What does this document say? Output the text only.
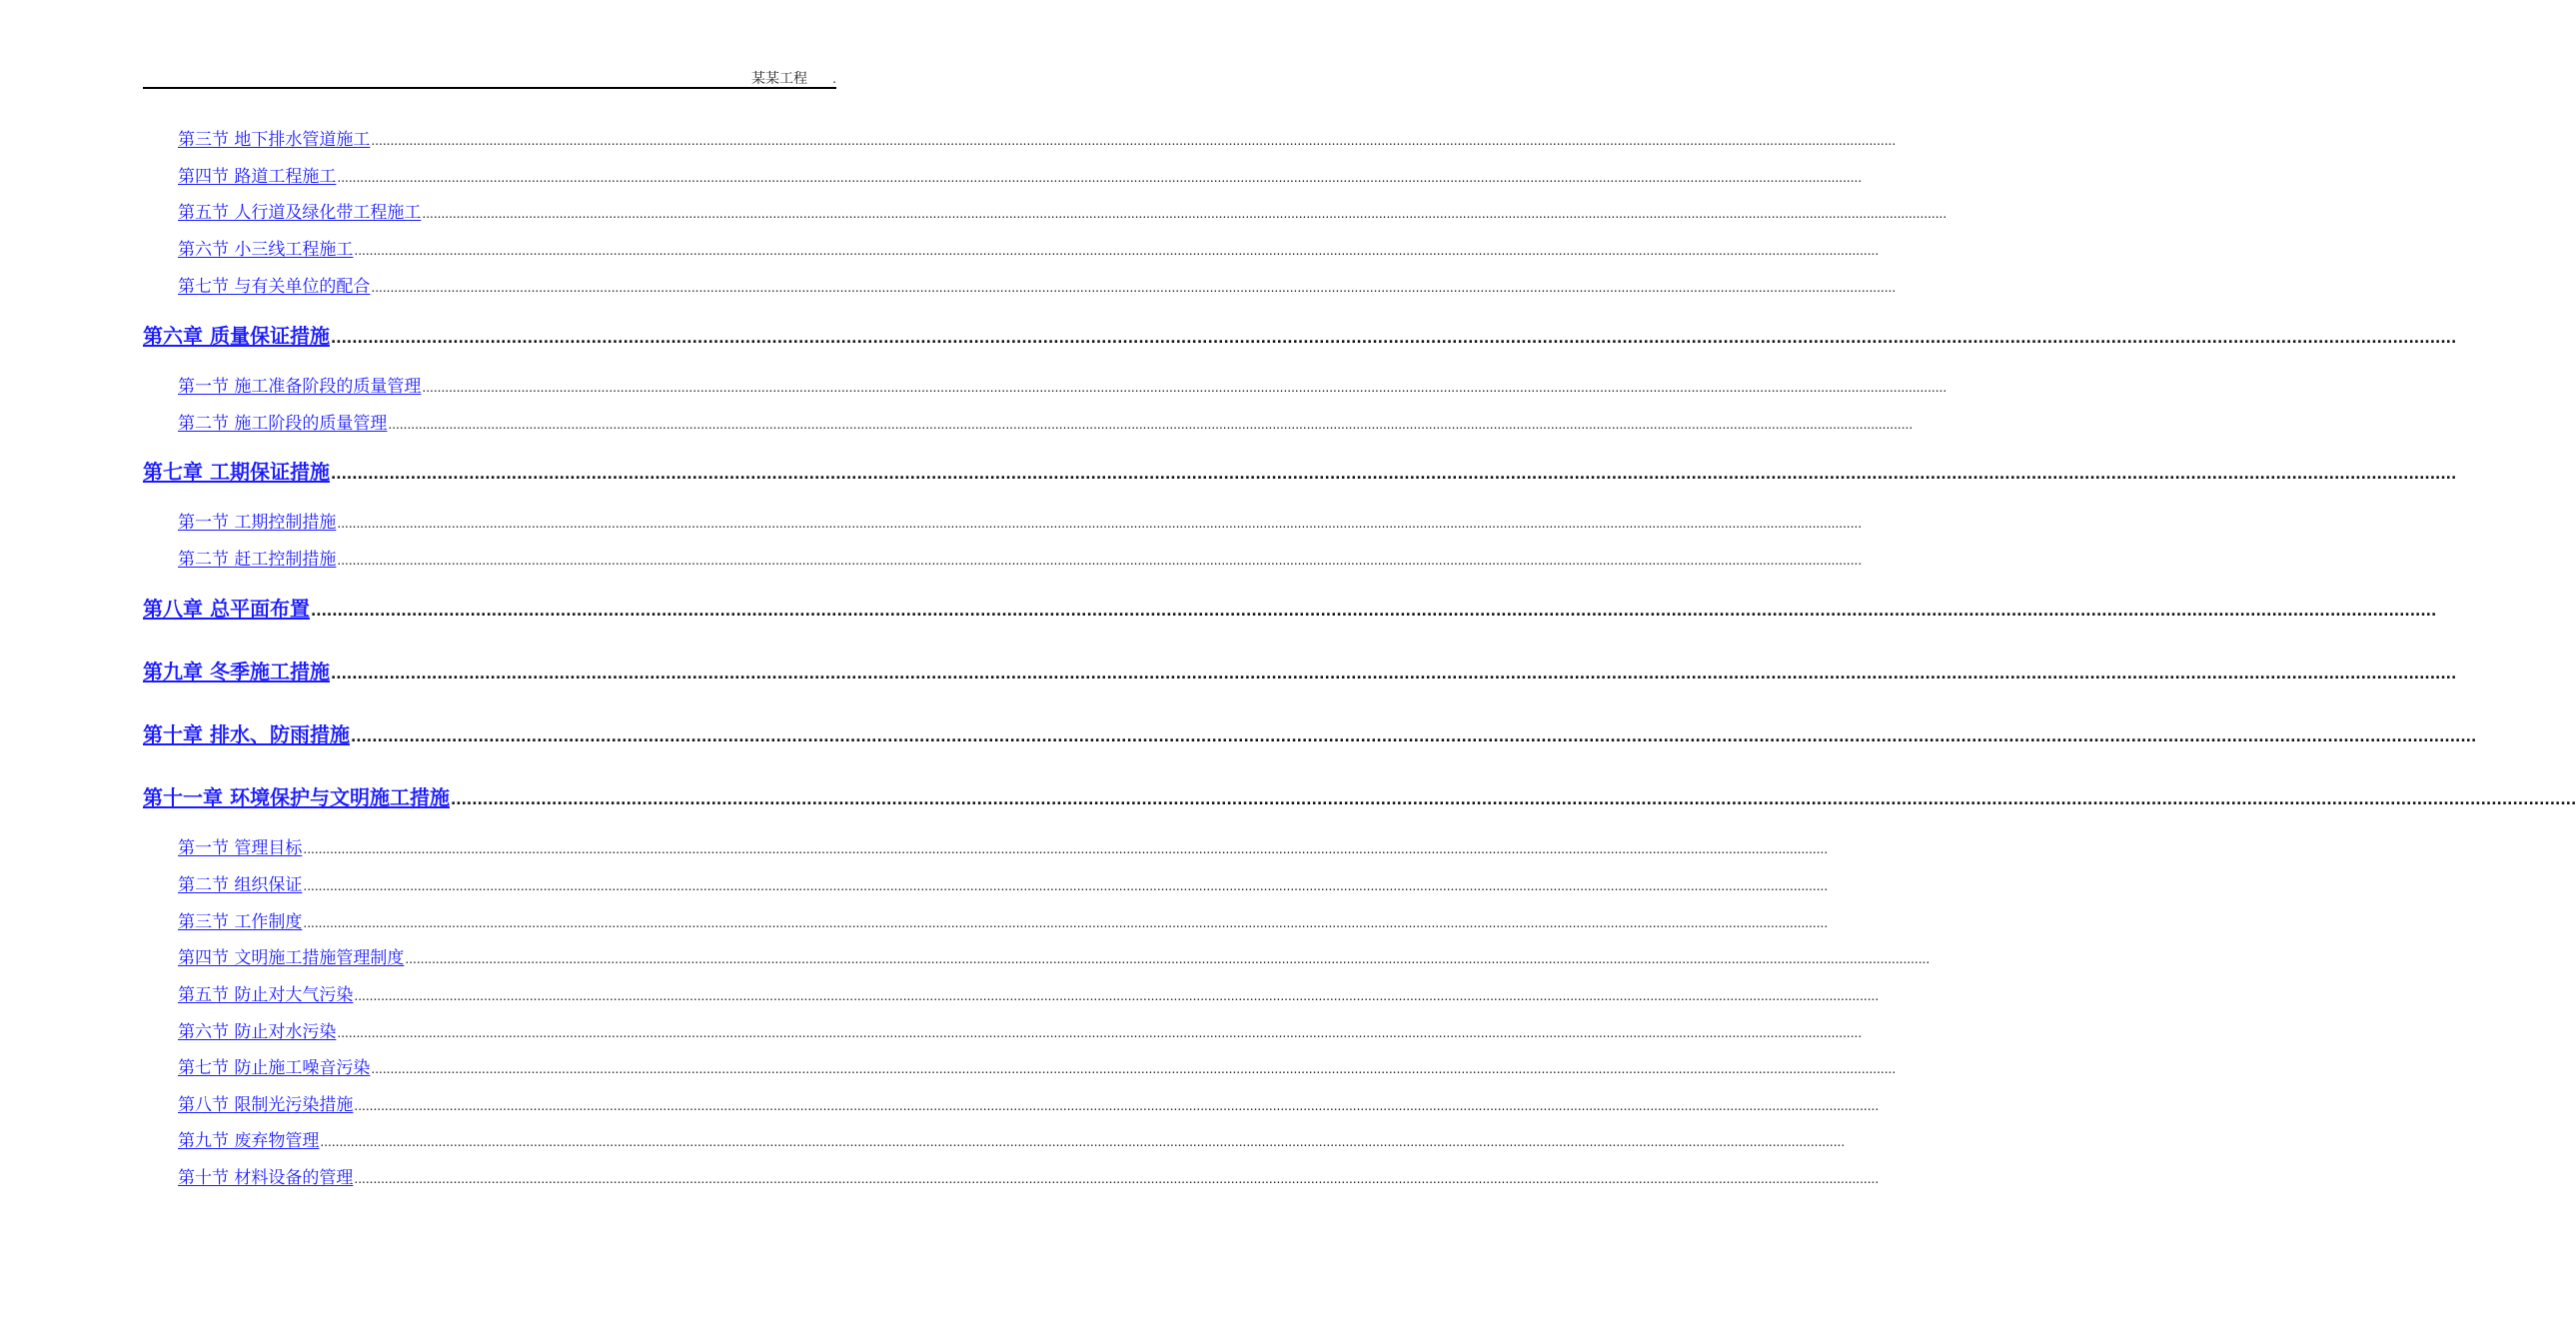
某某工程 .
第三节 地下排水管道施工 ................................................................................................................................................................................................................................................................................................................................................................................................................
第四节 路道工程施工 ................................................................................................................................................................................................................................................................................................................................................................................................................
第五节 人行道及绿化带工程施工 ................................................................................................................................................................................................................................................................................................................................................................................................................
第六节 小三线工程施工 ................................................................................................................................................................................................................................................................................................................................................................................................................
第七节 与有关单位的配合 ................................................................................................................................................................................................................................................................................................................................................................................................................
第六章 质量保证措施 ................................................................................................................................................................................................................................................................................................................................................................................................................
第一节 施工准备阶段的质量管理 ................................................................................................................................................................................................................................................................................................................................................................................................................
第二节 施工阶段的质量管理 ................................................................................................................................................................................................................................................................................................................................................................................................................
第七章 工期保证措施 ................................................................................................................................................................................................................................................................................................................................................................................................................
第一节 工期控制措施 ................................................................................................................................................................................................................................................................................................................................................................................................................
第二节 赶工控制措施 ................................................................................................................................................................................................................................................................................................................................................................................................................
第八章 总平面布置 ................................................................................................................................................................................................................................................................................................................................................................................................................
第九章 冬季施工措施 ................................................................................................................................................................................................................................................................................................................................................................................................................
第十章 排水、防雨措施 ................................................................................................................................................................................................................................................................................................................................................................................................................
第十一章 环境保护与文明施工措施 ................................................................................................................................................................................................................................................................................................................................................................................................................
第一节 管理目标 ................................................................................................................................................................................................................................................................................................................................................................................................................
第二节 组织保证 ................................................................................................................................................................................................................................................................................................................................................................................................................
第三节 工作制度 ................................................................................................................................................................................................................................................................................................................................................................................................................
第四节 文明施工措施管理制度 ................................................................................................................................................................................................................................................................................................................................................................................................................
第五节 防止对大气污染 ................................................................................................................................................................................................................................................................................................................................................................................................................
第六节 防止对水污染 ................................................................................................................................................................................................................................................................................................................................................................................................................
第七节 防止施工噪音污染 ................................................................................................................................................................................................................................................................................................................................................................................................................
第八节 限制光污染措施 ................................................................................................................................................................................................................................................................................................................................................................................................................
第九节 废弃物管理 ................................................................................................................................................................................................................................................................................................................................................................................................................
第十节 材料设备的管理 ................................................................................................................................................................................................................................................................................................................................................................................................................
